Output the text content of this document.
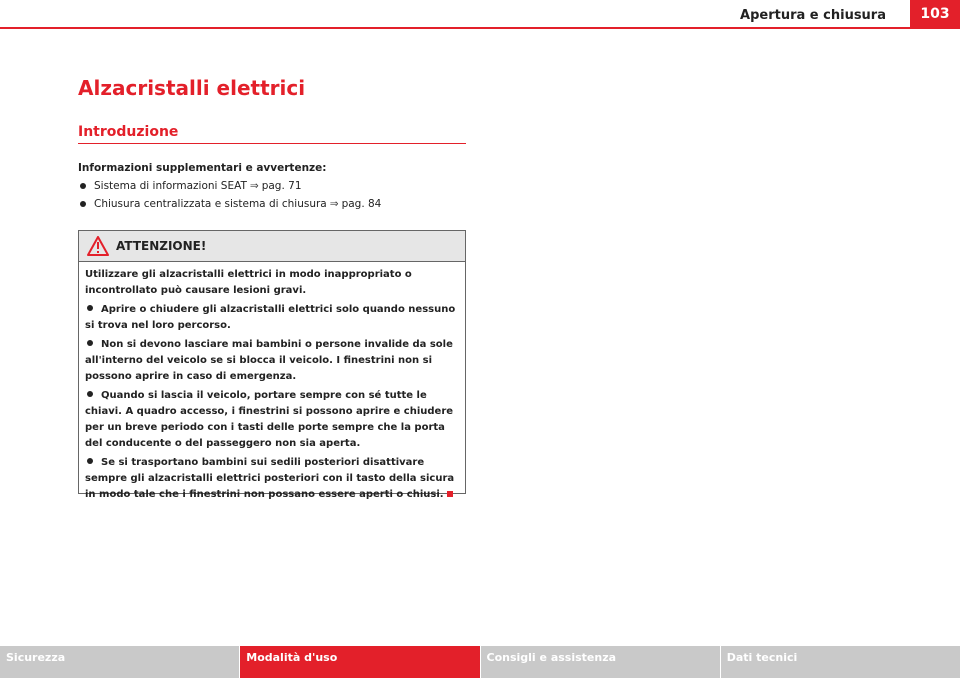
Apertura e chiusura	103
Alzacristalli elettrici
Introduzione
Informazioni supplementari e avvertenze:
Sistema di informazioni SEAT ⇒ pag. 71
Chiusura centralizzata e sistema di chiusura ⇒ pag. 84
ATTENZIONE!

Utilizzare gli alzacristalli elettrici in modo inappropriato o incontrollato può causare lesioni gravi.

Aprire o chiudere gli alzacristalli elettrici solo quando nessuno si trova nel loro percorso.

Non si devono lasciare mai bambini o persone invalide da sole all'interno del veicolo se si blocca il veicolo. I finestrini non si possono aprire in caso di emergenza.

Quando si lascia il veicolo, portare sempre con sé tutte le chiavi. A quadro accesso, i finestrini si possono aprire e chiudere per un breve periodo con i tasti delle porte sempre che la porta del conducente o del passeggero non sia aperta.

Se si trasportano bambini sui sedili posteriori disattivare sempre gli alzacristalli elettrici posteriori con il tasto della sicura in modo tale che i finestrini non possano essere aperti o chiusi.

Sicurezza	Modalità d'uso	Consigli e assistenza	Dati tecnici
